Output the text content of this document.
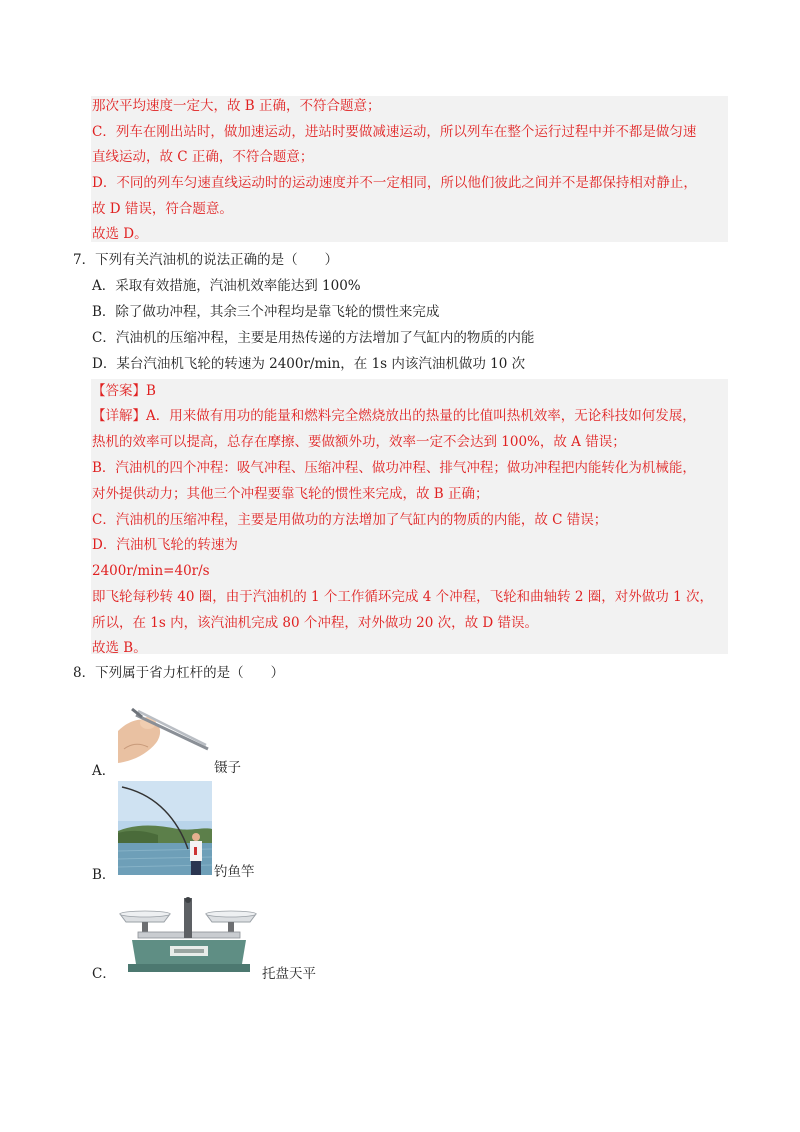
那次平均速度一定大，故 B 正确，不符合题意；
C．列车在刚出站时，做加速运动，进站时要做减速运动，所以列车在整个运行过程中并不都是做匀速
直线运动，故 C 正确，不符合题意；
D．不同的列车匀速直线运动时的运动速度并不一定相同，所以他们彼此之间并不是都保持相对静止，
故 D 错误，符合题意。
故选 D。
7．下列有关汽油机的说法正确的是（　　）
A．采取有效措施，汽油机效率能达到 100%
B．除了做功冲程，其余三个冲程均是靠飞轮的惯性来完成
C．汽油机的压缩冲程，主要是用热传递的方法增加了气缸内的物质的内能
D．某台汽油机飞轮的转速为 2400r/min，在 1s 内该汽油机做功 10 次
【答案】B
【详解】A．用来做有用功的能量和燃料完全燃烧放出的热量的比值叫热机效率，无论科技如何发展，
热机的效率可以提高，总存在摩擦、要做额外功，效率一定不会达到 100%，故 A 错误；
B．汽油机的四个冲程：吸气冲程、压缩冲程、做功冲程、排气冲程；做功冲程把内能转化为机械能，
对外提供动力；其他三个冲程要靠飞轮的惯性来完成，故 B 正确；
C．汽油机的压缩冲程，主要是用做功的方法增加了气缸内的物质的内能，故 C 错误；
D．汽油机飞轮的转速为
2400r/min=40r/s
即飞轮每秒转 40 圈，由于汽油机的 1 个工作循环完成 4 个冲程，飞轮和曲轴转 2 圈，对外做功 1 次，
所以，在 1s 内，该汽油机完成 80 个冲程，对外做功 20 次，故 D 错误。
故选 B。
8．下列属于省力杠杆的是（　　）
A．	镊子
B．	钓鱼竿
C．	托盘天平
